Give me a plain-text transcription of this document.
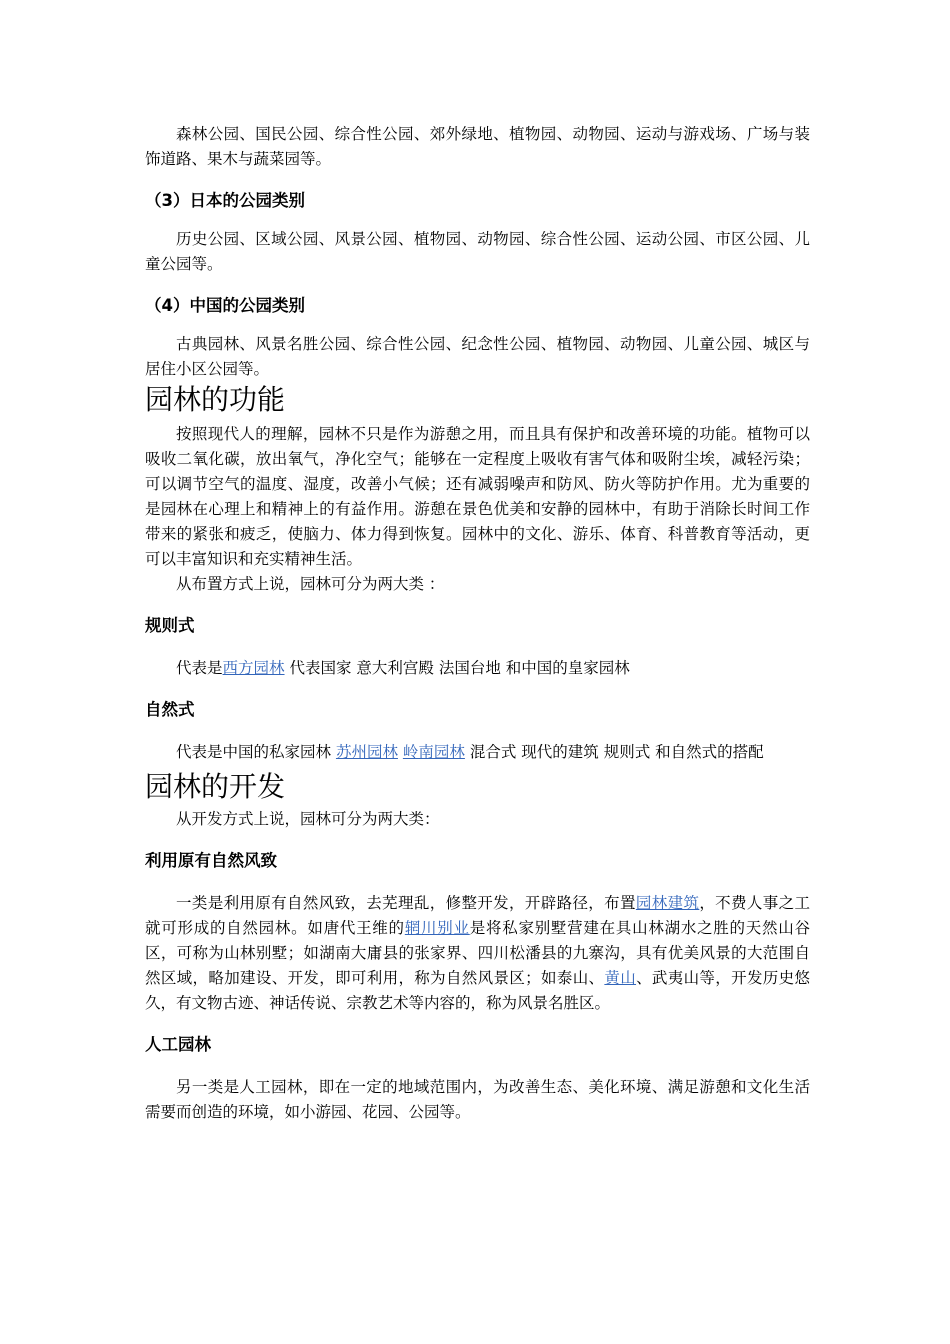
森林公园、国民公园、综合性公园、郊外绿地、植物园、动物园、运动与游戏场、广场与装饰道路、果木与蔬菜园等。

（3）日本的公园类别

历史公园、区域公园、风景公园、植物园、动物园、综合性公园、运动公园、市区公园、儿童公园等。

（4）中国的公园类别

古典园林、风景名胜公园、综合性公园、纪念性公园、植物园、动物园、儿童公园、城区与居住小区公园等。

园林的功能

按照现代人的理解，园林不只是作为游憩之用，而且具有保护和改善环境的功能。植物可以吸收二氧化碳，放出氧气，净化空气；能够在一定程度上吸收有害气体和吸附尘埃，减轻污染；可以调节空气的温度、湿度，改善小气候；还有减弱噪声和防风、防火等防护作用。尤为重要的是园林在心理上和精神上的有益作用。游憩在景色优美和安静的园林中，有助于消除长时间工作带来的紧张和疲乏，使脑力、体力得到恢复。园林中的文化、游乐、体育、科普教育等活动，更可以丰富知识和充实精神生活。

从布置方式上说，园林可分为两大类 ：

规则式

代表是西方园林 代表国家 意大利宫殿 法国台地 和中国的皇家园林

自然式

代表是中国的私家园林 苏州园林 岭南园林 混合式 现代的建筑 规则式 和自然式的搭配

园林的开发

从开发方式上说，园林可分为两大类：

利用原有自然风致

一类是利用原有自然风致，去芜理乱，修整开发，开辟路径，布置园林建筑，不费人事之工就可形成的自然园林。如唐代王维的辋川别业是将私家别墅营建在具山林湖水之胜的天然山谷区，可称为山林别墅；如湖南大庸县的张家界、四川松潘县的九寨沟，具有优美风景的大范围自然区域，略加建设、开发，即可利用，称为自然风景区；如泰山、黄山、武夷山等，开发历史悠久，有文物古迹、神话传说、宗教艺术等内容的，称为风景名胜区。

人工园林

另一类是人工园林，即在一定的地域范围内，为改善生态、美化环境、满足游憩和文化生活需要而创造的环境，如小游园、花园、公园等。
